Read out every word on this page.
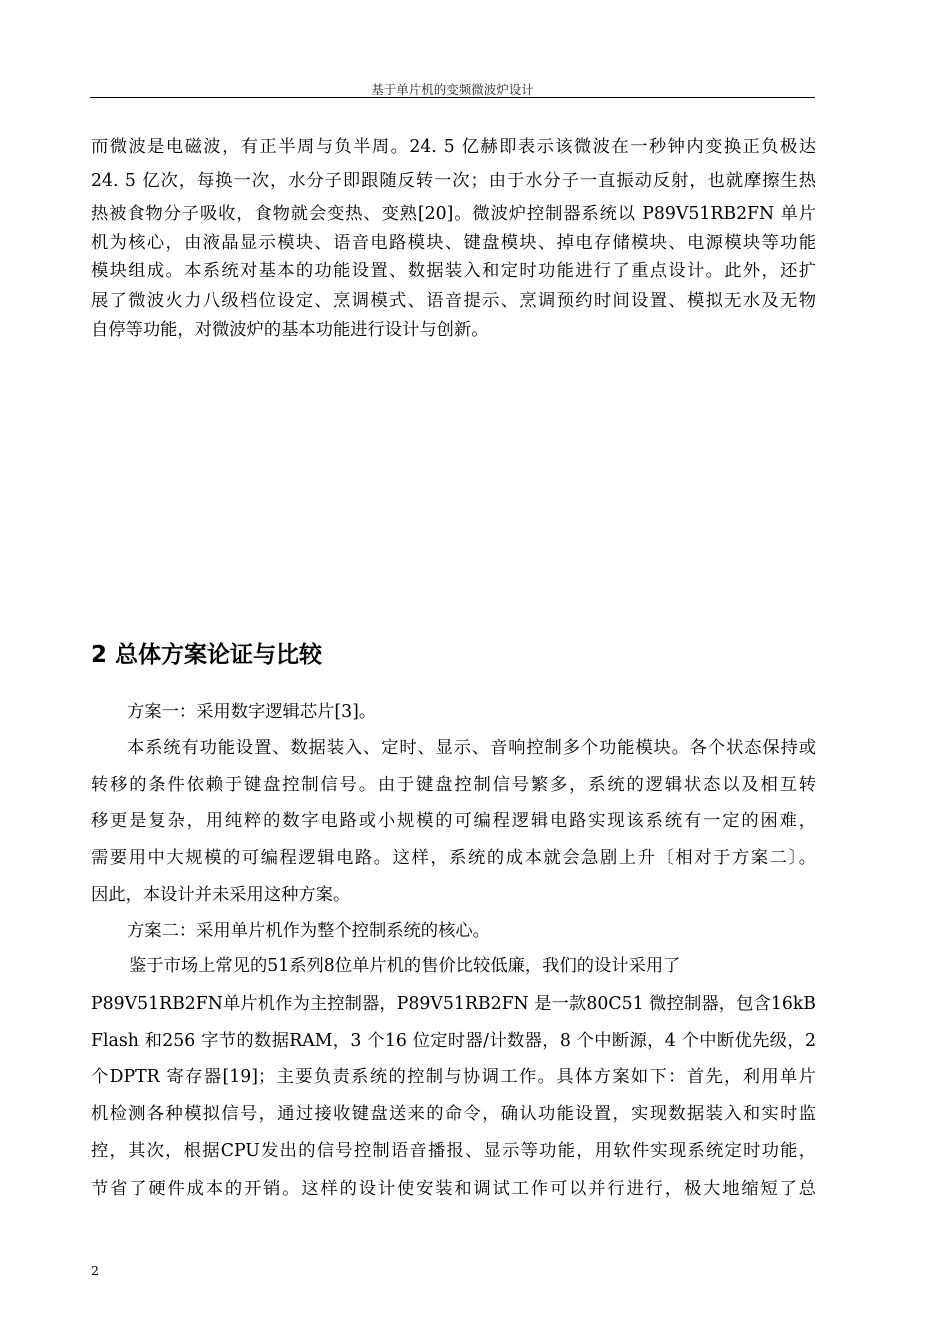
基于单片机的变频微波炉设计
而微波是电磁波，有正半周与负半周。24. 5 亿赫即表示该微波在一秒钟内变换正负极达
24. 5 亿次，每换一次，水分子即跟随反转一次；由于水分子一直振动反射，也就摩擦生热
热被食物分子吸收，食物就会变热、变熟[20]。微波炉控制器系统以 P89V51RB2FN 单片
机为核心，由液晶显示模块、语音电路模块、键盘模块、掉电存储模块、电源模块等功能
模块组成。本系统对基本的功能设置、数据装入和定时功能进行了重点设计。此外，还扩
展了微波火力八级档位设定、烹调模式、语音提示、烹调预约时间设置、模拟无水及无物
自停等功能，对微波炉的基本功能进行设计与创新。
2 总体方案论证与比较
方案一：采用数字逻辑芯片[3]。
本系统有功能设置、数据装入、定时、显示、音响控制多个功能模块。各个状态保持或
转移的条件依赖于键盘控制信号。由于键盘控制信号繁多，系统的逻辑状态以及相互转
移更是复杂，用纯粹的数字电路或小规模的可编程逻辑电路实现该系统有一定的困难，
需要用中大规模的可编程逻辑电路。这样，系统的成本就会急剧上升〔相对于方案二〕。
因此，本设计并未采用这种方案。
方案二：采用单片机作为整个控制系统的核心。
鉴于市场上常见的51系列8位单片机的售价比较低廉，我们的设计采用了
P89V51RB2FN单片机作为主控制器，P89V51RB2FN 是一款80C51 微控制器，包含16kB
Flash 和256 字节的数据RAM，3 个16 位定时器/计数器，8 个中断源，4 个中断优先级，2
个DPTR 寄存器[19]；主要负责系统的控制与协调工作。具体方案如下：首先，利用单片
机检测各种模拟信号，通过接收键盘送来的命令，确认功能设置，实现数据装入和实时监
控，其次，根据CPU发出的信号控制语音播报、显示等功能，用软件实现系统定时功能，
节省了硬件成本的开销。这样的设计使安装和调试工作可以并行进行，极大地缩短了总
2
